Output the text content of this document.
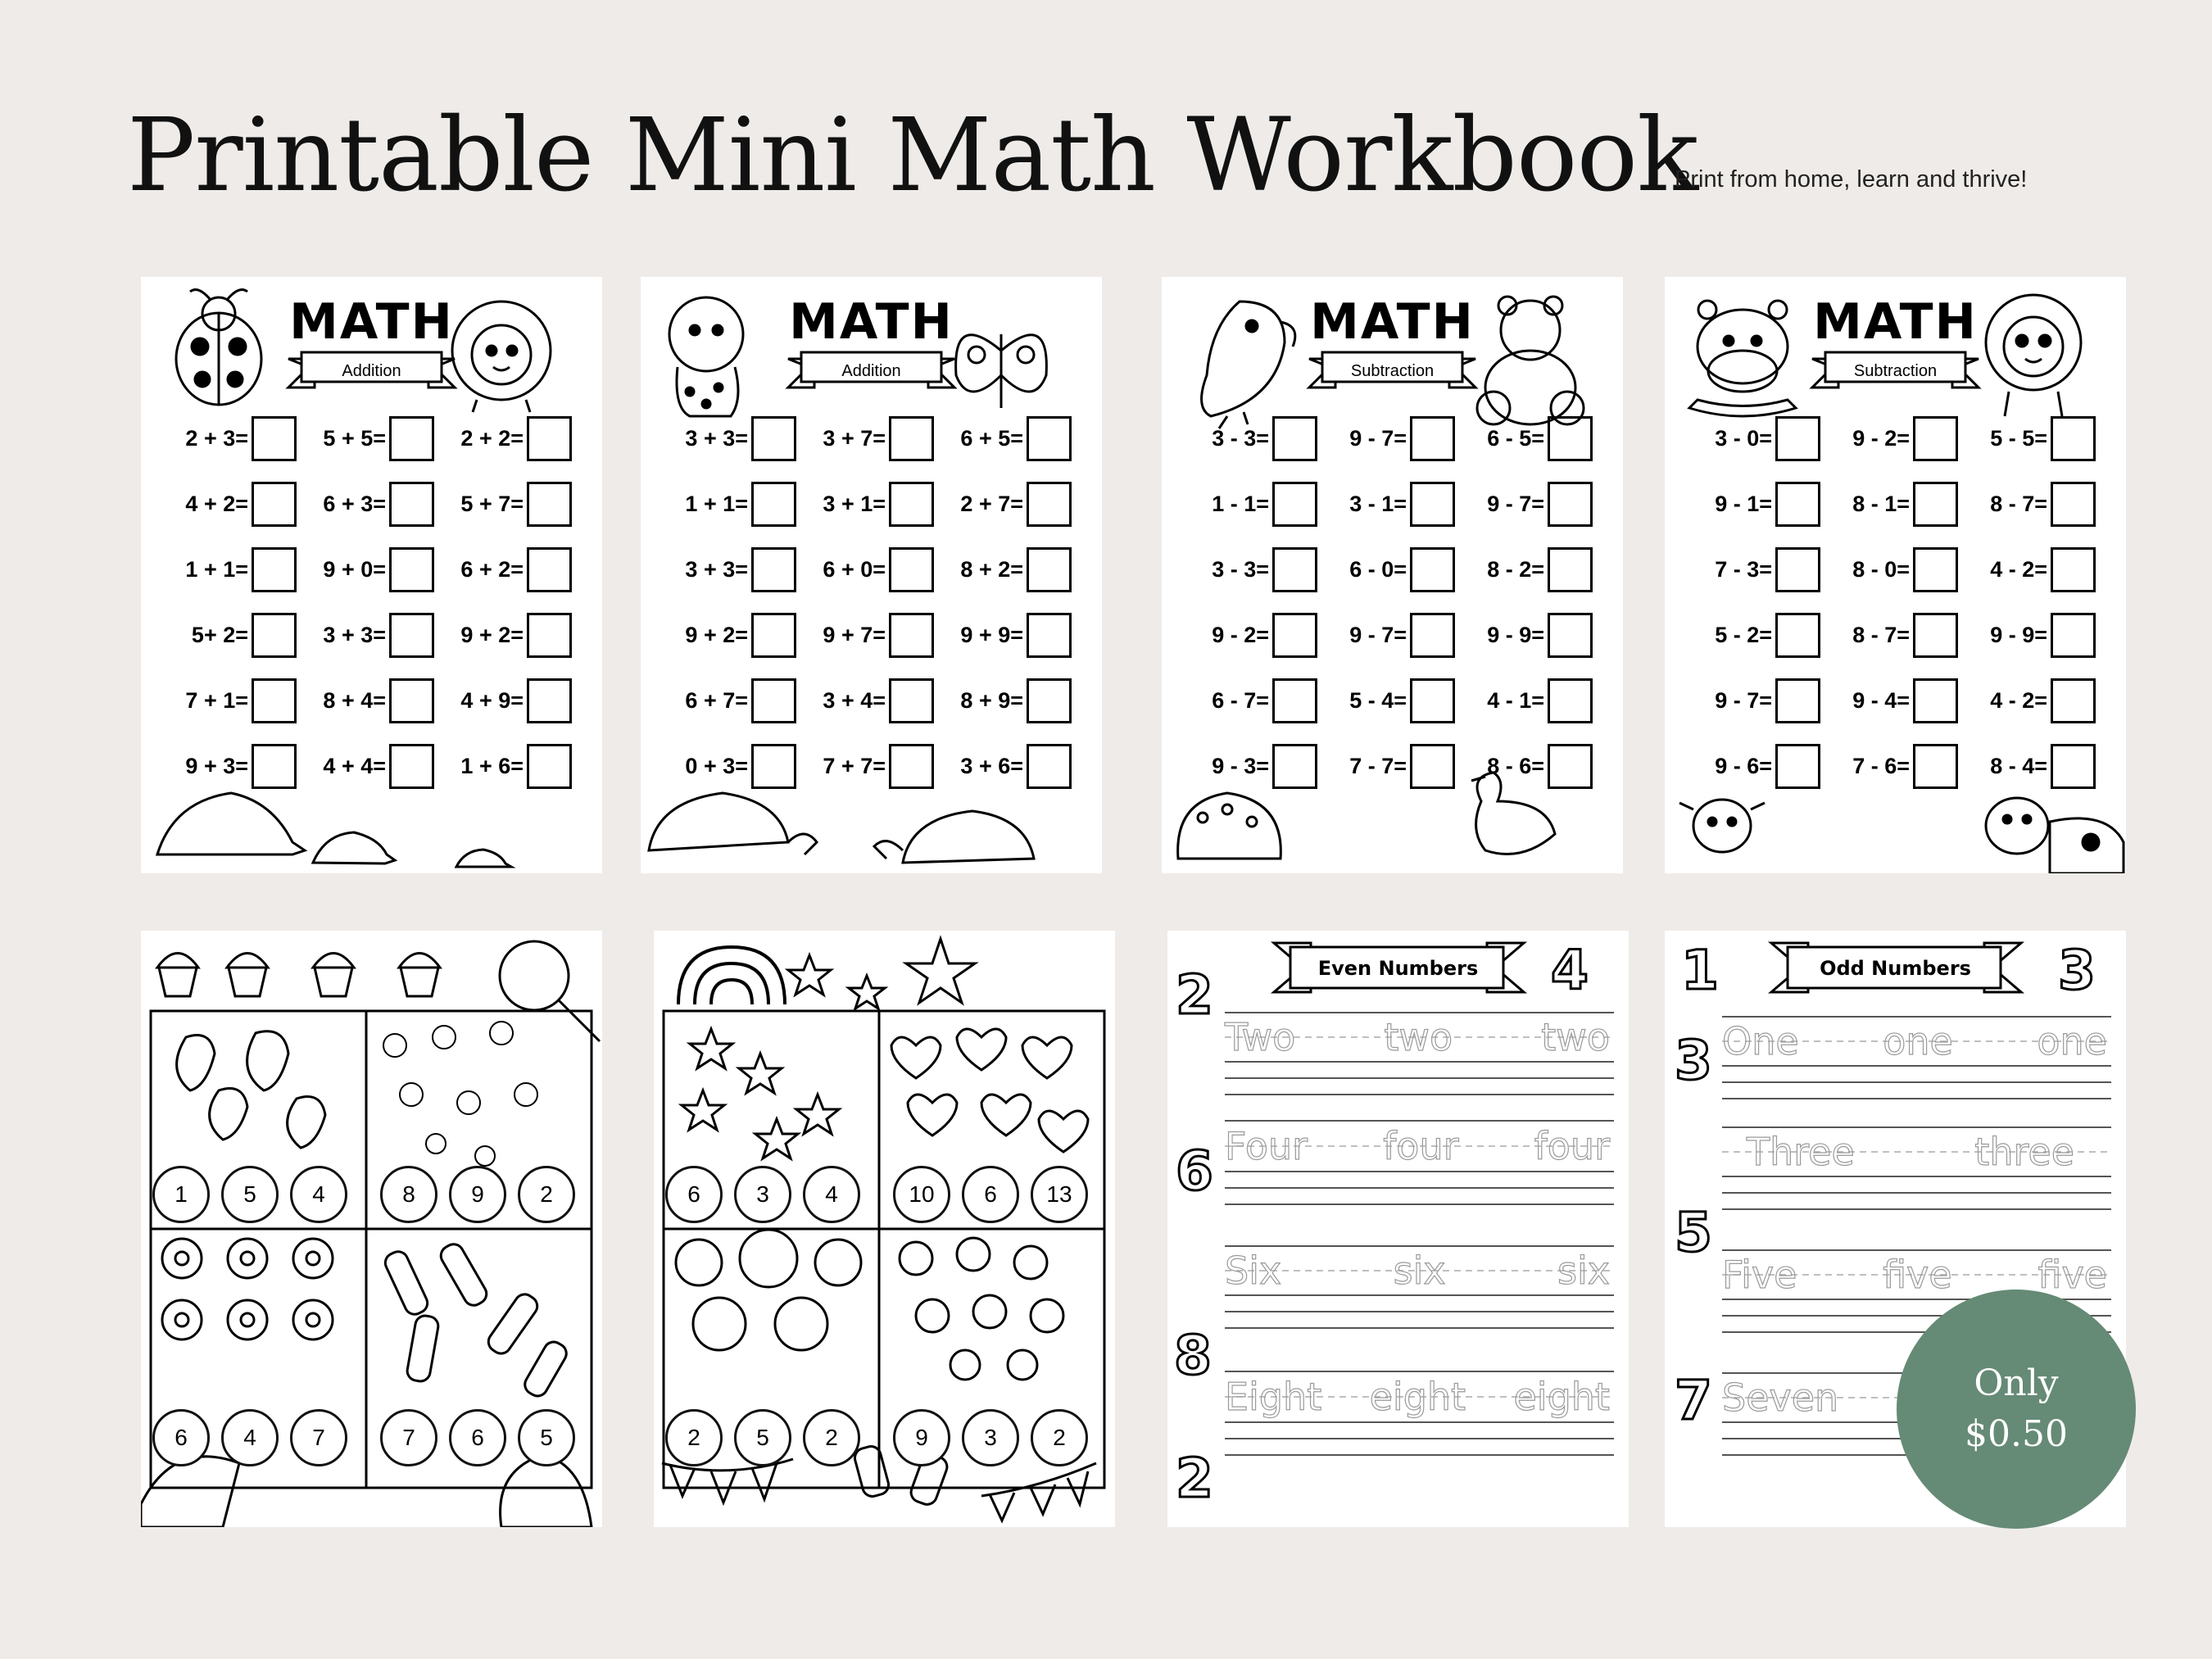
Printable Mini Math Workbook
Print from home, learn and thrive!
MATH
Addition
2 + 3=	5 + 5=	2 + 2=
4 + 2=	6 + 3=	5 + 7=
1 + 1=	9 + 0=	6 + 2=
5+ 2=	3 + 3=	9 + 2=
7 + 1=	8 + 4=	4 + 9=
9 + 3=	4 + 4=	1 + 6=
MATH
Addition
3 + 3=	3 + 7=	6 + 5=
1 + 1=	3 + 1=	2 + 7=
3 + 3=	6 + 0=	8 + 2=
9 + 2=	9 + 7=	9 + 9=
6 + 7=	3 + 4=	8 + 9=
0 + 3=	7 + 7=	3 + 6=
MATH
Subtraction
3 - 3=	9 - 7=	6 - 5=
1 - 1=	3 - 1=	9 - 7=
3 - 3=	6 - 0=	8 - 2=
9 - 2=	9 - 7=	9 - 9=
6 - 7=	5 - 4=	4 - 1=
9 - 3=	7 - 7=	8 - 6=
MATH
Subtraction
3 - 0=	9 - 2=	5 - 5=
9 - 1=	8 - 1=	8 - 7=
7 - 3=	8 - 0=	4 - 2=
5 - 2=	8 - 7=	9 - 9=
9 - 7=	9 - 4=	4 - 2=
9 - 6=	7 - 6=	8 - 4=
1	5	4	8	9	2
6	4	7	7	6	5
6	3	4	10	6	13
2	5	2	9	3	2
Even Numbers	4
2
6
8
2
Two two two
Four four four
Six	six	six
Eight eight eight
Odd Numbers
1	3
3
5
7
One one one
Three	three
Five five five
Seven	Only
$0.50
